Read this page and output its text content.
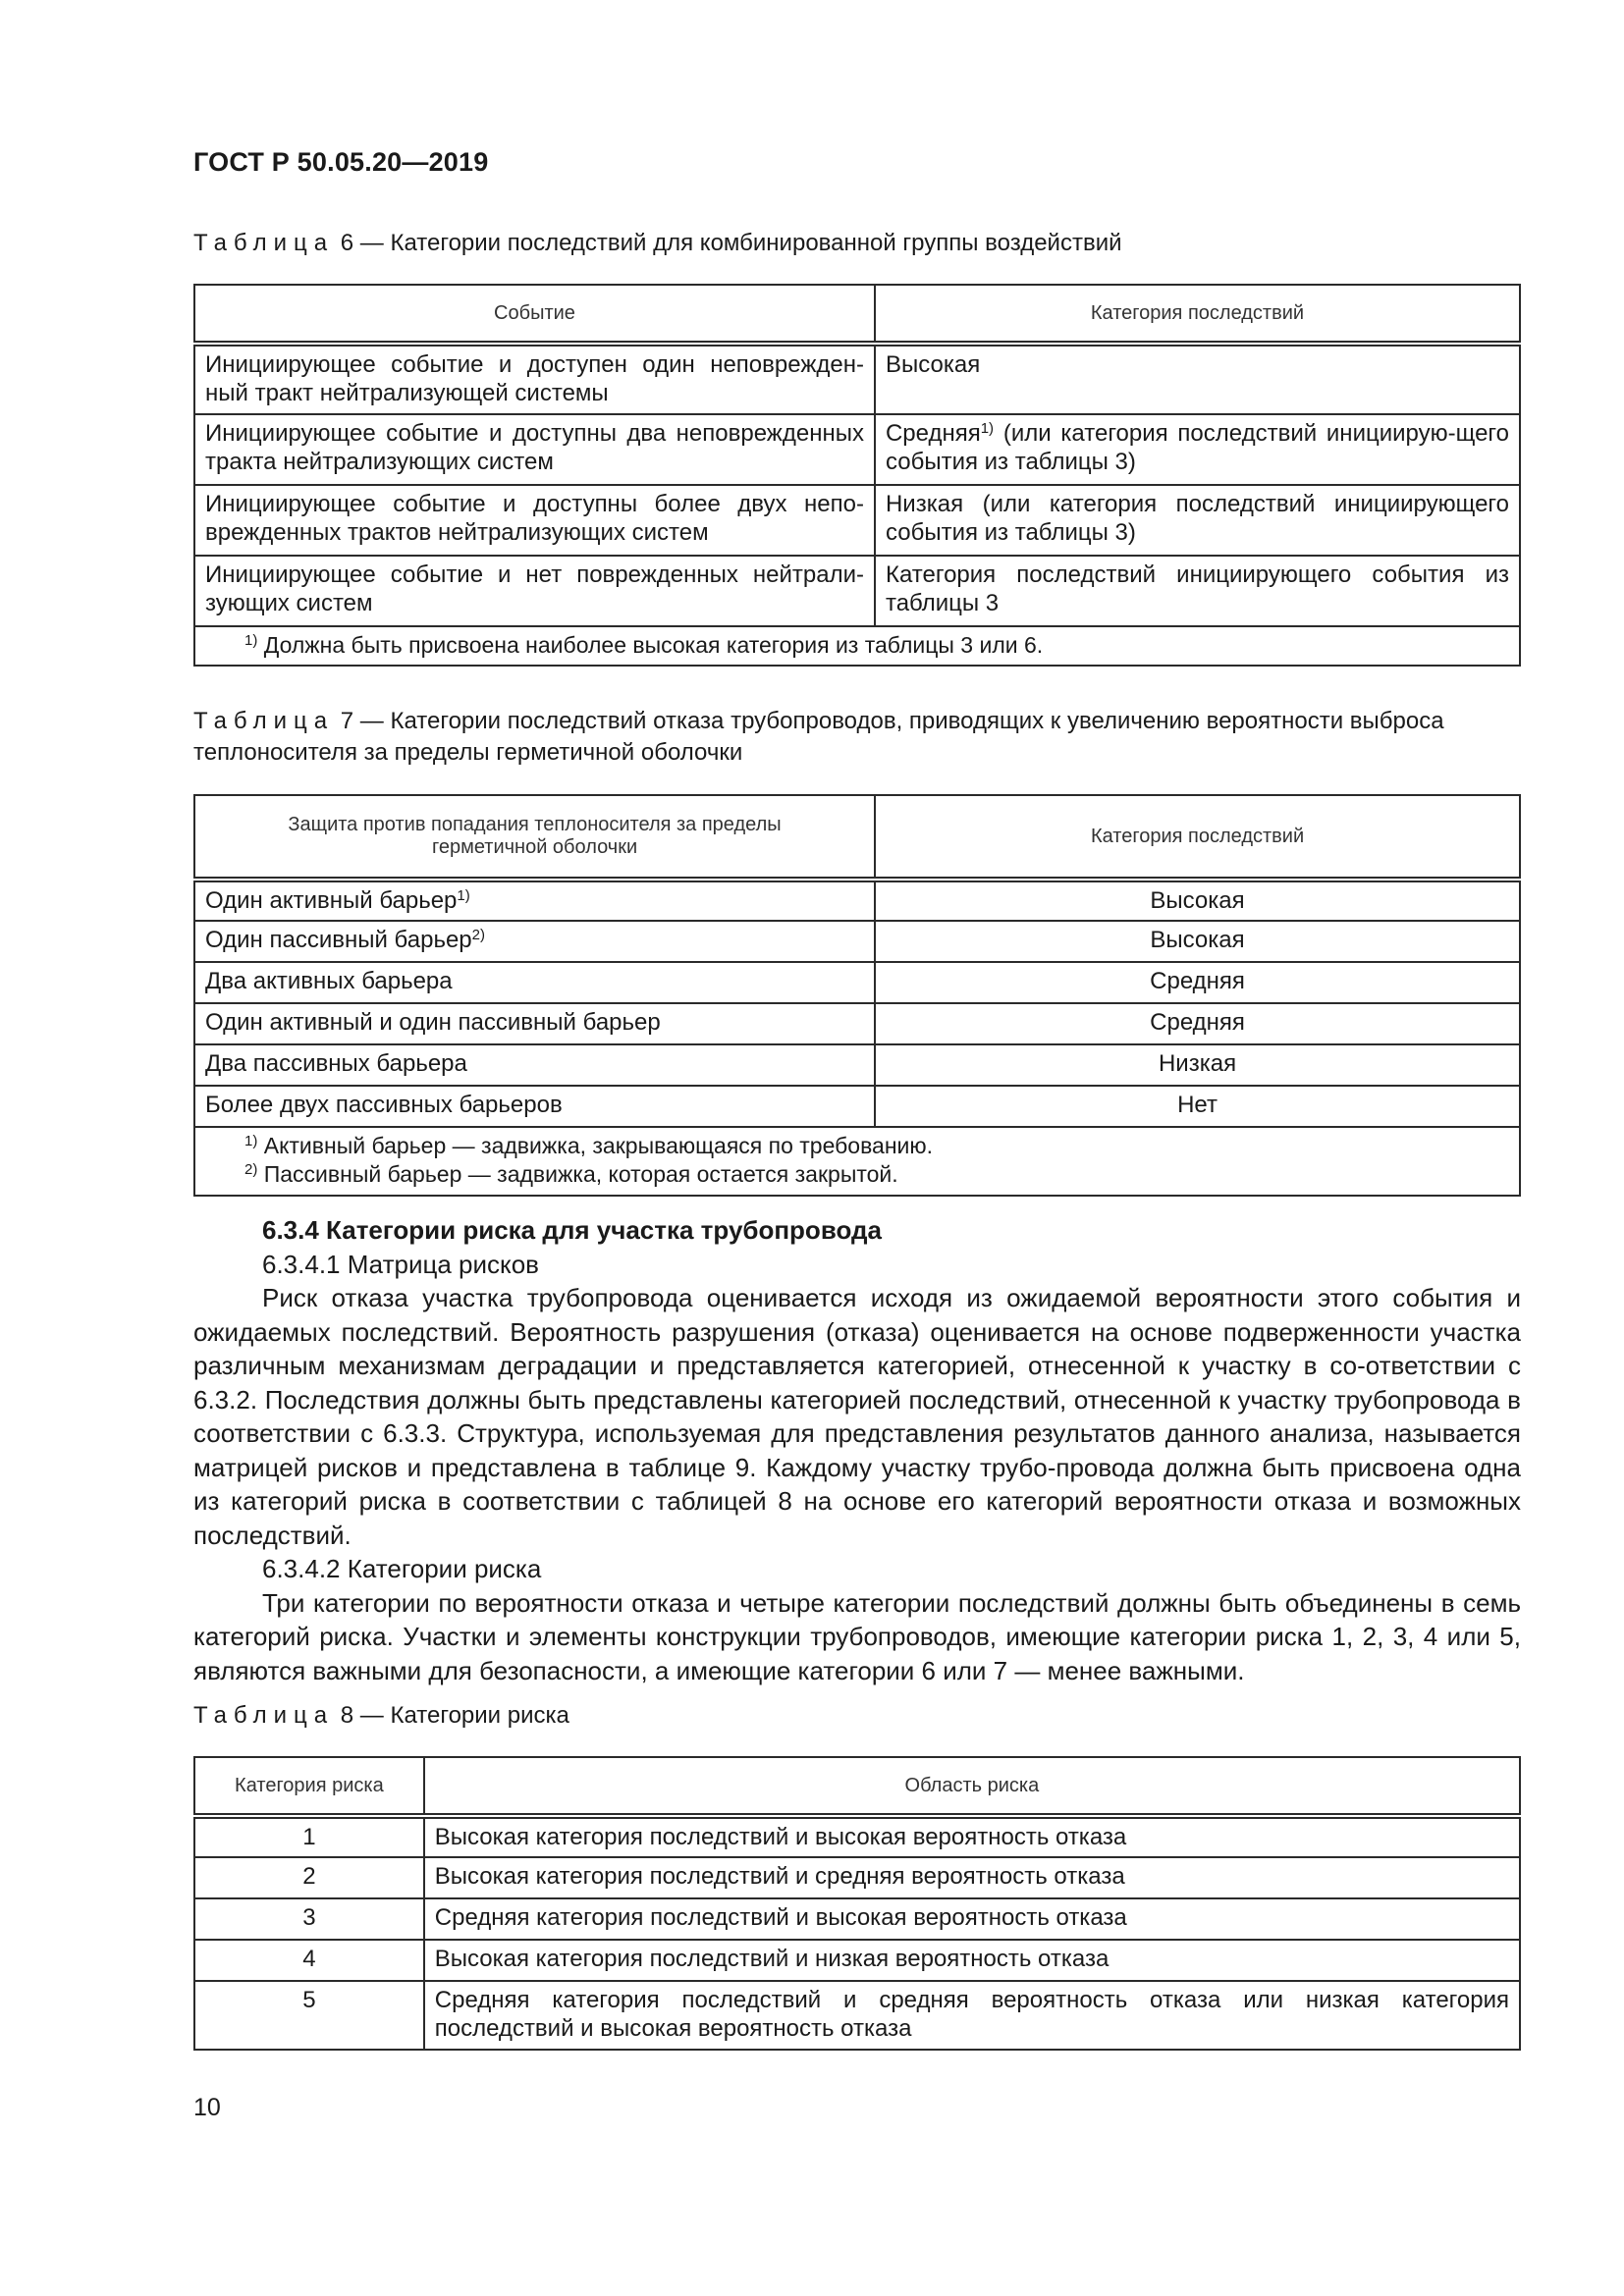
ГОСТ Р 50.05.20—2019
Таблица 6 — Категории последствий для комбинированной группы воздействий
Событие	Категория последствий
Инициирующее событие и доступен один неповрежден-ный тракт нейтрализующей системы	Высокая
Инициирующее событие и доступны два неповрежденных тракта нейтрализующих систем	Средняя$^{1)}$ (или категория последствий инициирую-щего события из таблицы 3)
Инициирующее событие и доступны более двух непо-врежденных трактов нейтрализующих систем	Низкая (или категория последствий инициирующего события из таблицы 3)
Инициирующее событие и нет поврежденных нейтрали-зующих систем	Категория последствий инициирующего события из таблицы 3
$^{1)}$ Должна быть присвоена наиболее высокая категория из таблицы 3 или 6.	
Таблица 7 — Категории последствий отказа трубопроводов, приводящих к увеличению вероятности выброса теплоносителя за пределы герметичной оболочки
Защита против попадания теплоносителя за пределы герметичной оболочки	Категория последствий
Один активный барьер$^{1)}$	Высокая
Один пассивный барьер$^{2)}$	Высокая
Два активных барьера	Средняя
Один активный и один пассивный барьер	Средняя
Два пассивных барьера	Низкая
Более двух пассивных барьеров	Нет

$^{1)}$ Активный барьер — задвижка, закрывающаяся по требованию.
$^{2)}$ Пассивный барьер — задвижка, которая остается закрытой.	

6.3.4 Категории риска для участка трубопровода

6.3.4.1 Матрица рисков

Риск отказа участка трубопровода оценивается исходя из ожидаемой вероятности этого события и ожидаемых последствий. Вероятность разрушения (отказа) оценивается на основе подверженности участка различным механизмам деградации и представляется категорией, отнесенной к участку в со-ответствии с 6.3.2. Последствия должны быть представлены категорией последствий, отнесенной к участку трубопровода в соответствии с 6.3.3. Структура, используемая для представления результатов данного анализа, называется матрицей рисков и представлена в таблице 9. Каждому участку трубо-провода должна быть присвоена одна из категорий риска в соответствии с таблицей 8 на основе его категорий вероятности отказа и возможных последствий.

6.3.4.2 Категории риска

Три категории по вероятности отказа и четыре категории последствий должны быть объединены в семь категорий риска. Участки и элементы конструкции трубопроводов, имеющие категории риска 1, 2, 3, 4 или 5, являются важными для безопасности, а имеющие категории 6 или 7 — менее важными.

Таблица 8 — Категории риска
Категория риска	Область риска
1	Высокая категория последствий и высокая вероятность отказа
2	Высокая категория последствий и средняя вероятность отказа
3	Средняя категория последствий и высокая вероятность отказа
4	Высокая категория последствий и низкая вероятность отказа
5	Средняя категория последствий и средняя вероятность отказа или низкая категория последствий и высокая вероятность отказа
10
